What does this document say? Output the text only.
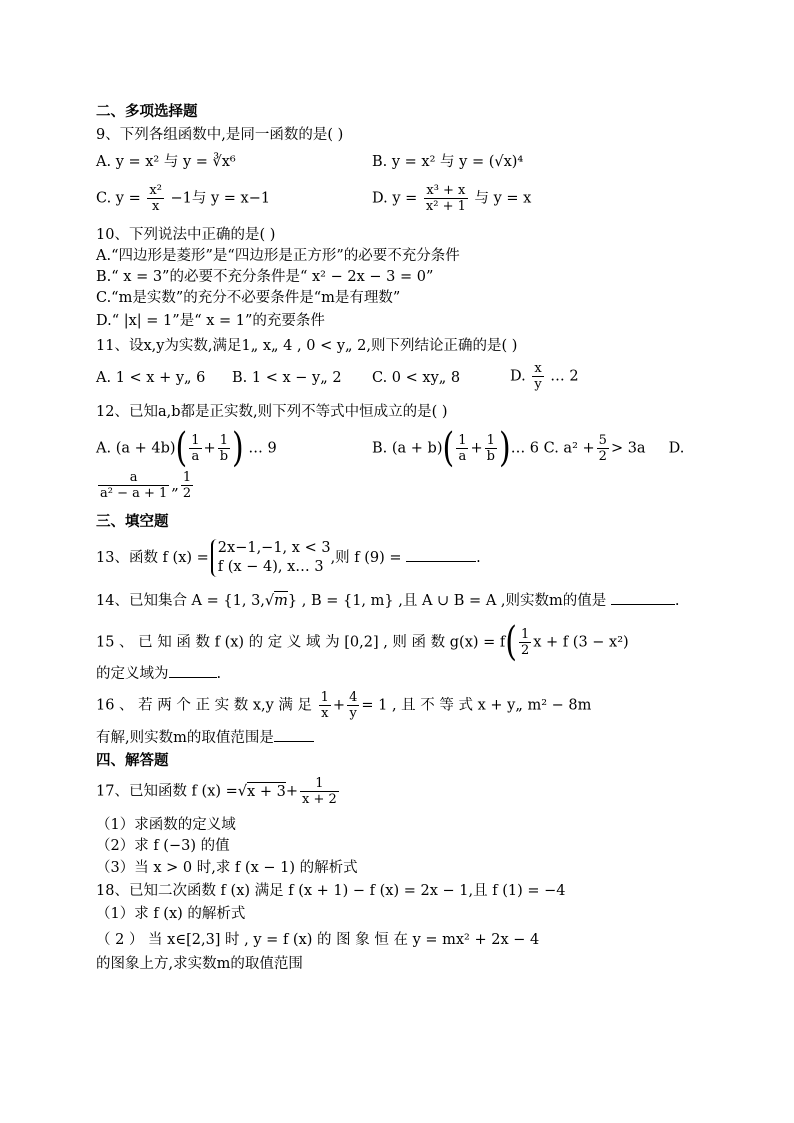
二、多项选择题
9、下列各组函数中,是同一函数的是( )
A. y = x² 与 y = ∛x⁶	B. y = x² 与 y = (√x)⁴
C. $y = \frac{\text{x²}}{x} -1$与 y = x−1	D. $y = \frac{\text{x³ + x}}{\text{x² + 1}}$ 与 y = x
10、下列说法中正确的是( )
A.“四边形是菱形”是“四边形是正方形”的必要不充分条件
B.“ x = 3”的必要不充分条件是“ x² − 2x − 3 = 0”
C.“m是实数”的充分不必要条件是“m是有理数”
D.“ |x| = 1”是“ x = 1”的充要条件
11、设x,y为实数,满足1„ x„ 4 , 0 < y„ 2,则下列结论正确的是( )
A. 1 < x + y„ 6 B. 1 < x − y„ 2 C. 0 < xy„ 8	D. $\frac{x}{y}$ … 2
12、已知a,b都是正实数,则下列不等式中恒成立的是( )
A. $(a + 4b)( \frac{1}{a} + \frac{1}{b}$ ) … 9	B. $(a + b)( \frac{1}{a} + \frac{1}{b}$ )… 6 C. $a^2 + \frac{5}{2} > 3a$ D.
$\frac{a}{\text{a² − a + 1}}$ „ $\frac{1}{2}$
三、填空题
13、函数 f (x) =
2x−1,−1, x < 3
f (x − 4), x… 3
,则 f (9) =	.
14、已知集合 A = {1, 3,√m} , B = {1, m} ,且 A ∪ B = A ,则实数m的值是	.
15 、 已 知 函 数 f (x) 的 定 义 域 为 [0,2] , 则 函 数 $g(x) = f( \frac{1}{2}$ x + f (3 − x²)
的定义域为	.
16 、 若 两 个 正 实 数 x,y 满 足 $\frac{1}{x} + \frac{4}{y} = 1$ , 且 不 等 式 x + y„ m² − 8m
有解,则实数m的取值范围是
四、解答题
17、已知函数 f $(x) =√x + 3+ \frac{1}{x + 2}$
（1）求函数的定义域
（2）求 f (−3) 的值
（3）当 x > 0 时,求 f (x − 1) 的解析式
18、已知二次函数 f (x) 满足 f (x + 1) − f (x) = 2x − 1,且 f (1) = −4
（1）求 f (x) 的解析式
（ 2 ） 当 x∈[2,3] 时 , y = f (x) 的 图 象 恒 在 y = mx² + 2x − 4
的图象上方,求实数m的取值范围
